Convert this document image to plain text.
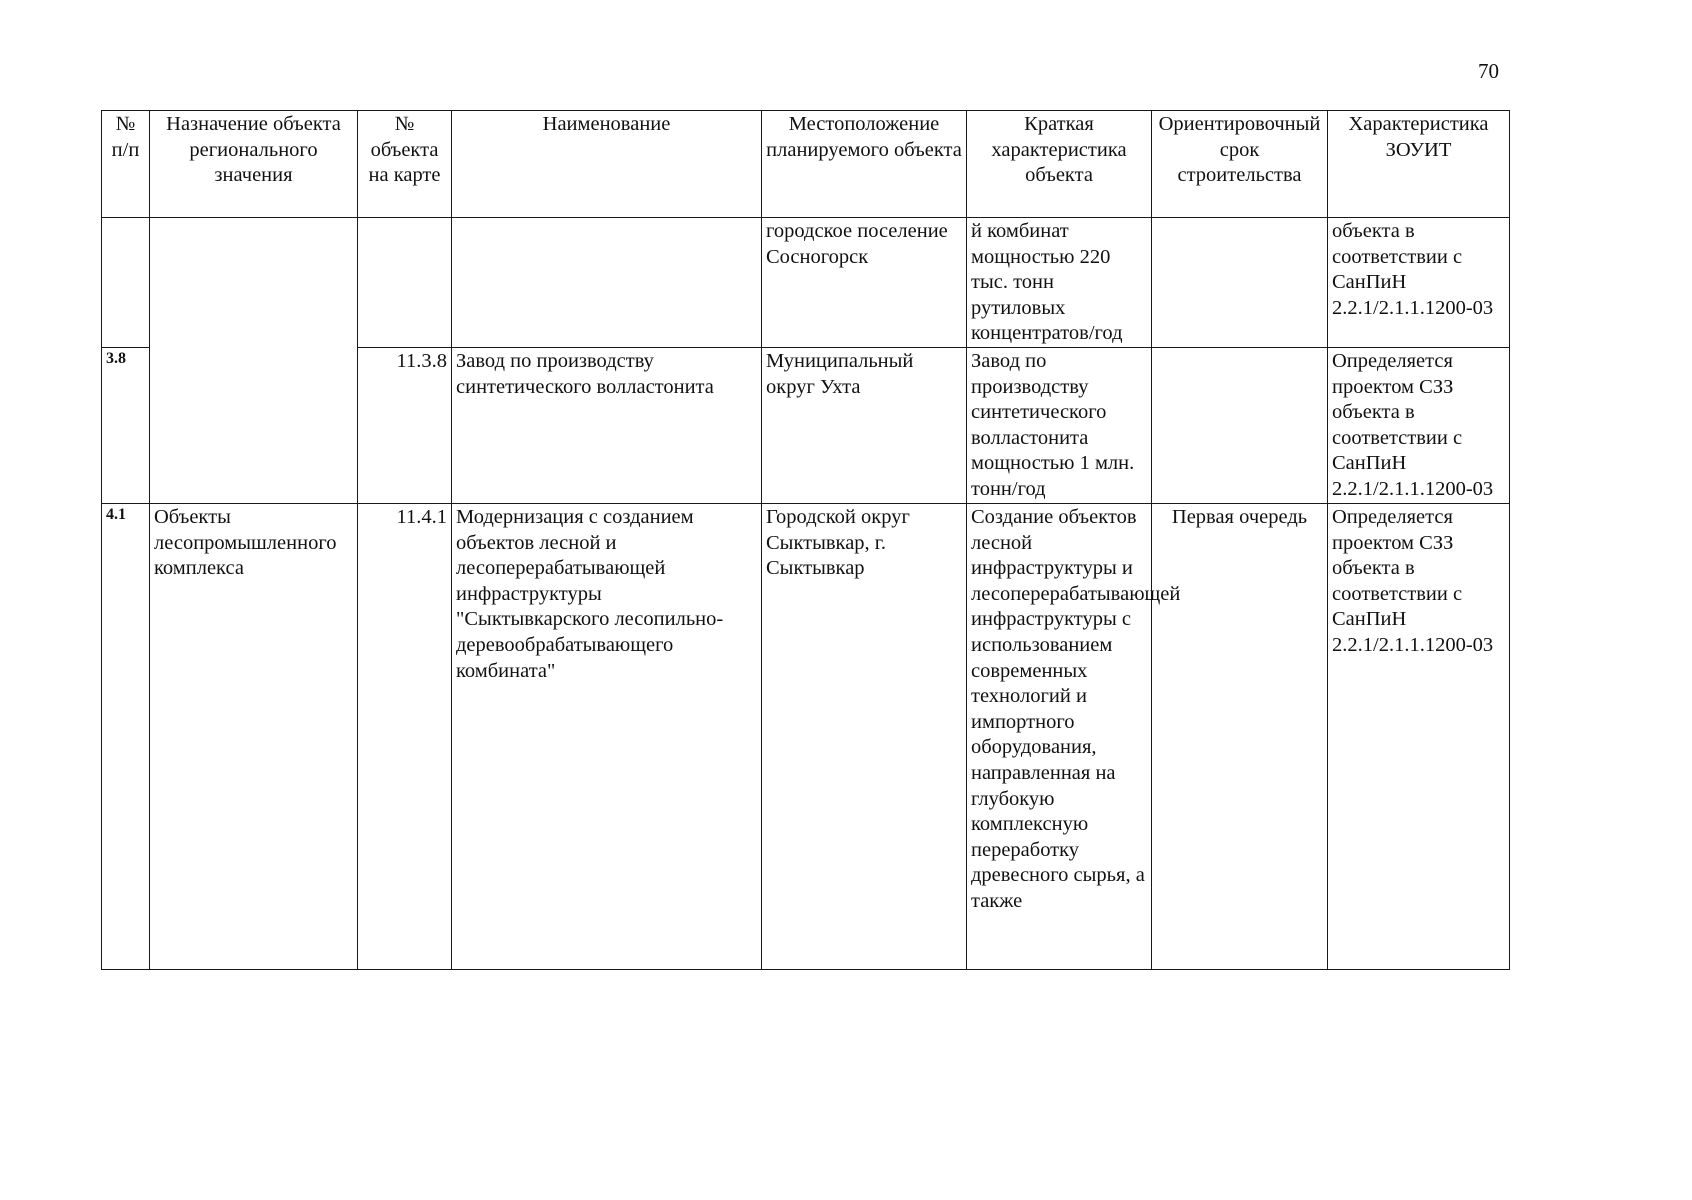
70
№ п/п	Назначение объекта регионального значения	№ объекта на карте	Наименование	Местоположение планируемого объекта	Краткая характеристика объекта	Ориентировочный срок строительства	Характеристика ЗОУИТ
				городское поселение Сосногорск	й комбинат мощностью 220 тыс. тонн рутиловых концентратов/год		объекта в соответствии с СанПиН 2.2.1/2.1.1.1200-03
3.8		11.3.8	Завод по производству синтетического волластонита	Муниципальный округ Ухта	Завод по производству синтетического волластонита мощностью 1 млн. тонн/год		Определяется проектом СЗЗ объекта в соответствии с СанПиН 2.2.1/2.1.1.1200-03
4.1	Объекты лесопромышленного комплекса	11.4.1	Модернизация с созданием объектов лесной и лесоперерабатывающей инфраструктуры "Сыктывкарского лесопильно-деревообрабатывающего комбината"	Городской округ Сыктывкар, г. Сыктывкар	Создание объектов лесной инфраструктуры и лесоперерабатывающей инфраструктуры с использованием современных технологий и импортного оборудования, направленная на глубокую комплексную переработку древесного сырья, а также	Первая очередь	Определяется проектом СЗЗ объекта в соответствии с СанПиН 2.2.1/2.1.1.1200-03
